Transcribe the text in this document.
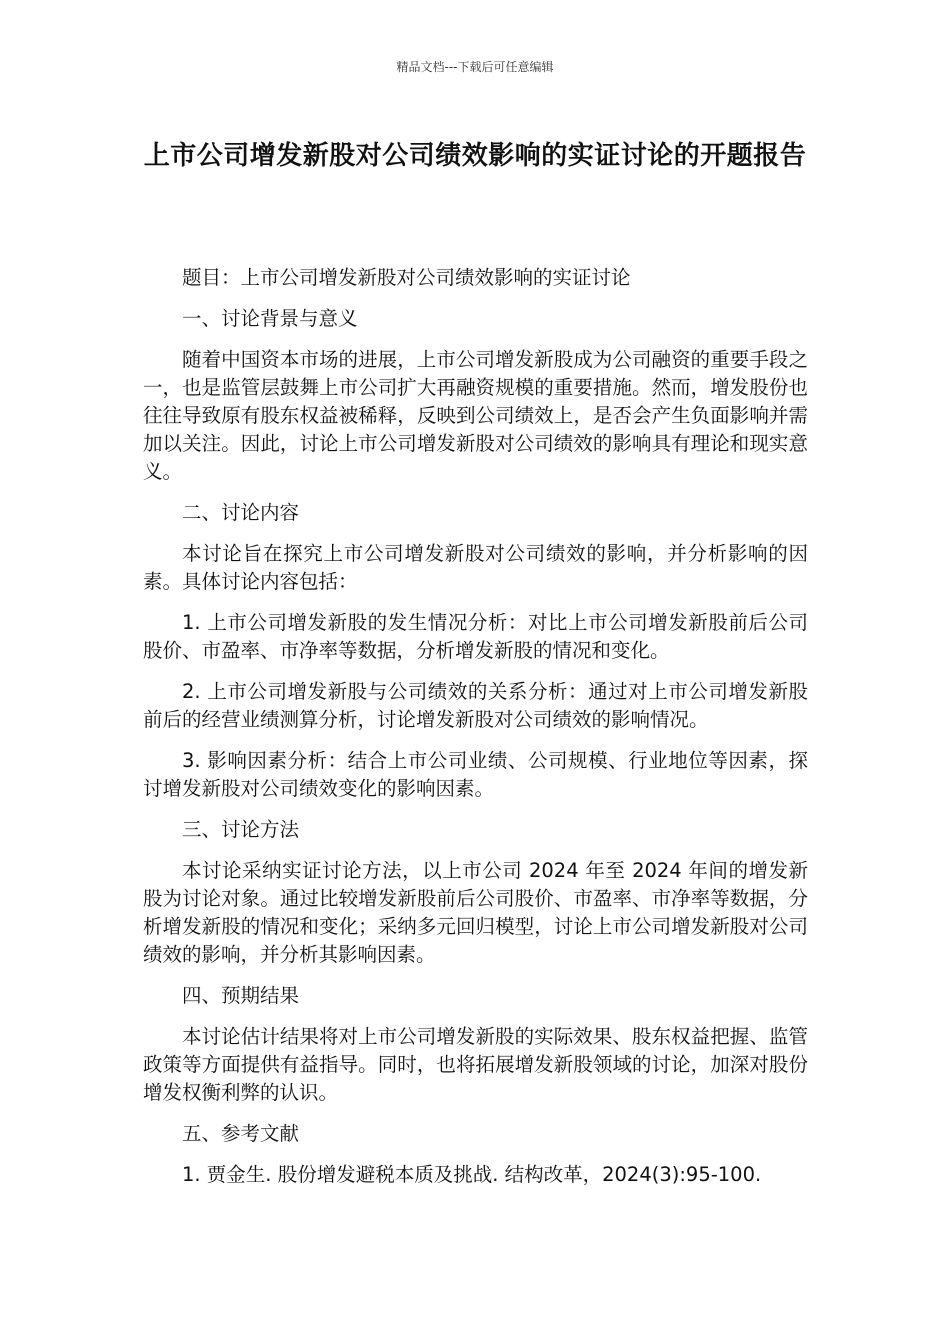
精品文档---下载后可任意编辑
上市公司增发新股对公司绩效影响的实证讨论的开题报告

题目：上市公司增发新股对公司绩效影响的实证讨论

一、讨论背景与意义

随着中国资本市场的进展，上市公司增发新股成为公司融资的重要手段之一，也是监管层鼓舞上市公司扩大再融资规模的重要措施。然而，增发股份也往往导致原有股东权益被稀释，反映到公司绩效上，是否会产生负面影响并需加以关注。因此，讨论上市公司增发新股对公司绩效的影响具有理论和现实意义。

二、讨论内容

本讨论旨在探究上市公司增发新股对公司绩效的影响，并分析影响的因素。具体讨论内容包括：

1. 上市公司增发新股的发生情况分析：对比上市公司增发新股前后公司股价、市盈率、市净率等数据，分析增发新股的情况和变化。

2. 上市公司增发新股与公司绩效的关系分析：通过对上市公司增发新股前后的经营业绩测算分析，讨论增发新股对公司绩效的影响情况。

3. 影响因素分析：结合上市公司业绩、公司规模、行业地位等因素，探讨增发新股对公司绩效变化的影响因素。

三、讨论方法

本讨论采纳实证讨论方法，以上市公司 2024 年至 2024 年间的增发新股为讨论对象。通过比较增发新股前后公司股价、市盈率、市净率等数据，分析增发新股的情况和变化；采纳多元回归模型，讨论上市公司增发新股对公司绩效的影响，并分析其影响因素。

四、预期结果

本讨论估计结果将对上市公司增发新股的实际效果、股东权益把握、监管政策等方面提供有益指导。同时，也将拓展增发新股领域的讨论，加深对股份增发权衡利弊的认识。

五、参考文献

1. 贾金生. 股份增发避税本质及挑战. 结构改革，2024(3):95-100.
